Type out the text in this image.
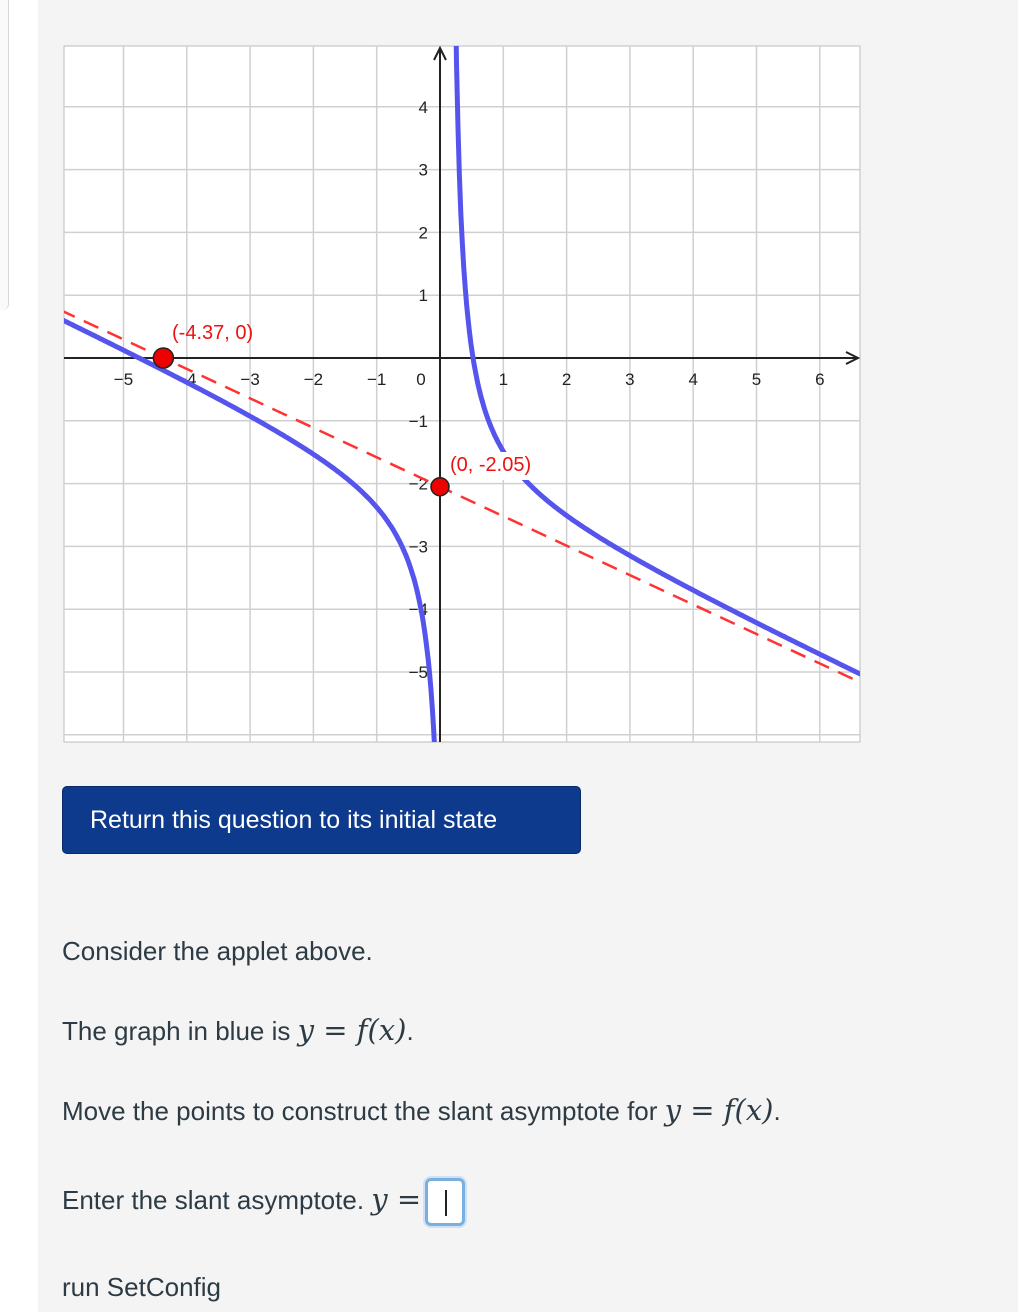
−5	−4	−3	−2	−1 0	1	2	3	4	5	6
4
3
2
1
−1
−2
−3
−4
−5
(-4.37, 0)
(0, -2.05)
Return this question to its initial state
Consider the applet above.
The graph in blue is y = f(x).
Move the points to construct the slant asymptote for y = f(x).
Enter the slant asymptote. y =
run SetConfig
